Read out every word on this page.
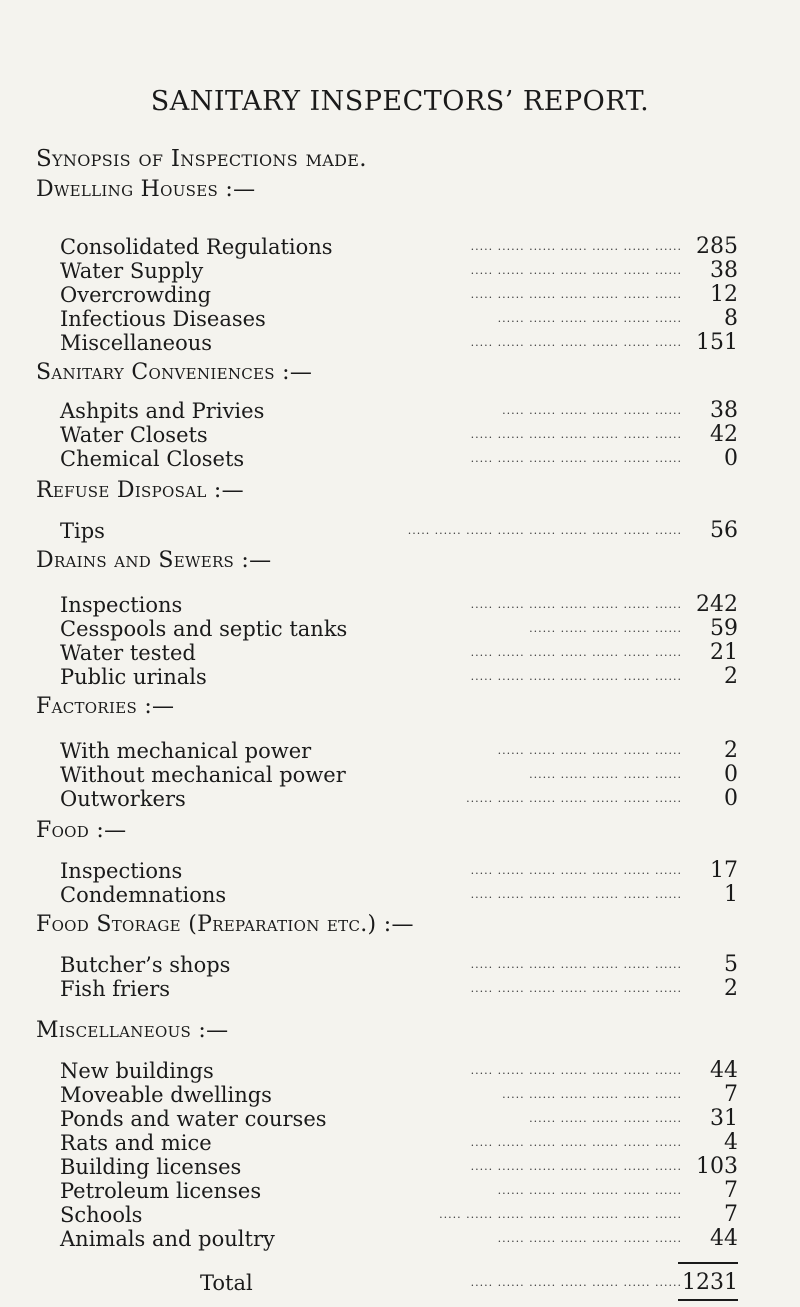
SANITARY INSPECTORS’ REPORT.
Synopsis of Inspections made.
Dwelling Houses :—
Consolidated Regulations	..... ...... ...... ...... ...... ...... ...... 285
Water Supply	..... ...... ...... ...... ...... ...... ......	38
Overcrowding	..... ...... ...... ...... ...... ...... ......	12
Infectious Diseases	...... ...... ...... ...... ...... ......	8
Miscellaneous	..... ...... ...... ...... ...... ...... ...... 151
Sanitary Conveniences :—
Ashpits and Privies	..... ...... ...... ...... ...... ......	38
Water Closets	..... ...... ...... ...... ...... ...... ......	42
Chemical Closets	..... ...... ...... ...... ...... ...... ......	0
Refuse Disposal :—
Tips	..... ...... ...... ...... ...... ...... ...... ...... ......	56
Drains and Sewers :—
Inspections	..... ...... ...... ...... ...... ...... ...... 242
Cesspools and septic tanks	...... ...... ...... ...... ......	59
Water tested	..... ...... ...... ...... ...... ...... ......	21
Public urinals	..... ...... ...... ...... ...... ...... ......	2
Factories :—
With mechanical power	...... ...... ...... ...... ...... ......	2
Without mechanical power	...... ...... ...... ...... ......	0
Outworkers	...... ...... ...... ...... ...... ...... ......	0
Food :—
Inspections	..... ...... ...... ...... ...... ...... ......	17
Condemnations	..... ...... ...... ...... ...... ...... ......	1
Food Storage (Preparation etc.) :—
Butcher’s shops	..... ...... ...... ...... ...... ...... ......	5
Fish friers	..... ...... ...... ...... ...... ...... ......	2
Miscellaneous :—
New buildings	..... ...... ...... ...... ...... ...... ......	44
Moveable dwellings	..... ...... ...... ...... ...... ......	7
Ponds and water courses	...... ...... ...... ...... ......	31
Rats and mice	..... ...... ...... ...... ...... ...... ......	4
Building licenses	..... ...... ...... ...... ...... ...... ...... 103
Petroleum licenses	...... ...... ...... ...... ...... ......	7
Schools	..... ...... ...... ...... ...... ...... ...... ......	7
Animals and poultry	...... ...... ...... ...... ...... ......	44
Total	..... ...... ...... ...... ...... ...... ...... 1231
